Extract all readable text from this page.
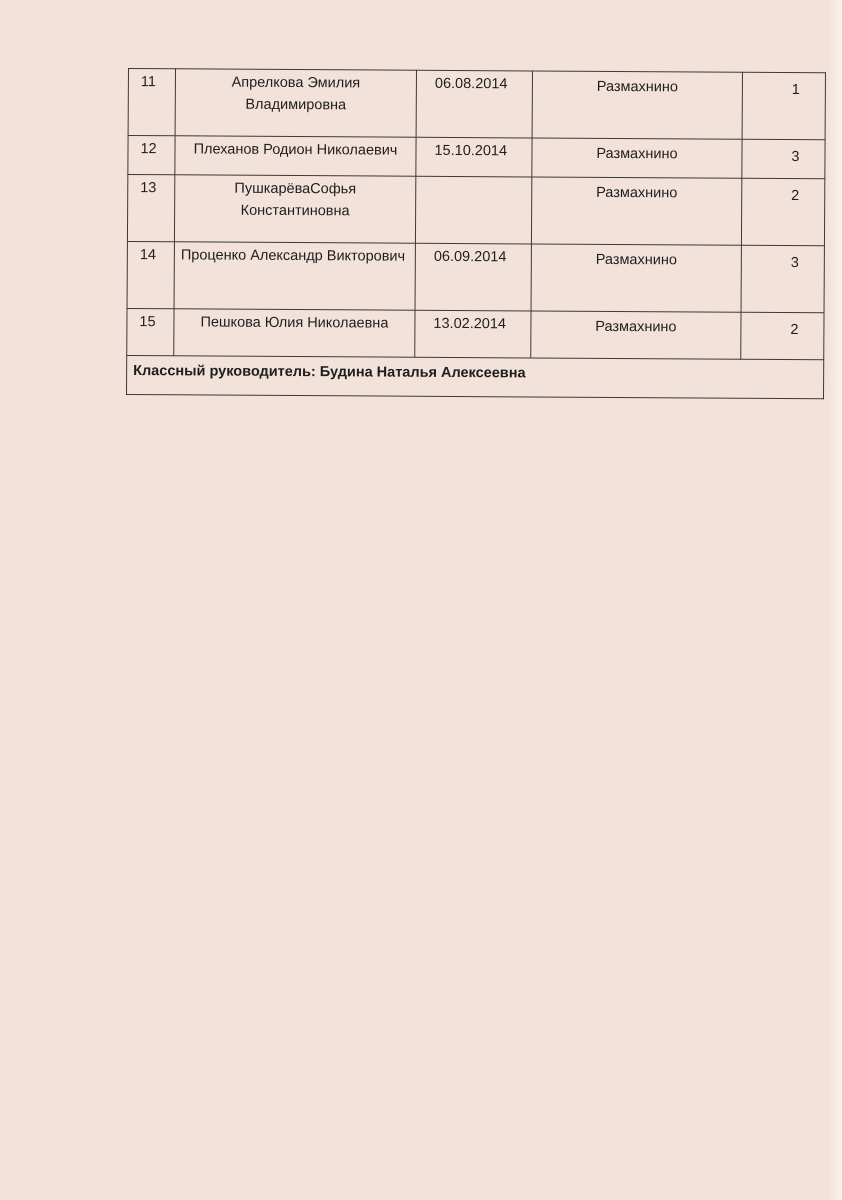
11	Апрелкова Эмилия Владимировна	06.08.2014	Размахнино	1
12	Плеханов Родион Николаевич	15.10.2014	Размахнино	3
13	ПушкарёваСофья Константиновна		Размахнино	2
14	Проценко Александр Викторович	06.09.2014	Размахнино	3
15	Пешкова Юлия Николаевна	13.02.2014	Размахнино	2
Классный руководитель: Будина Наталья Алексеевна				
